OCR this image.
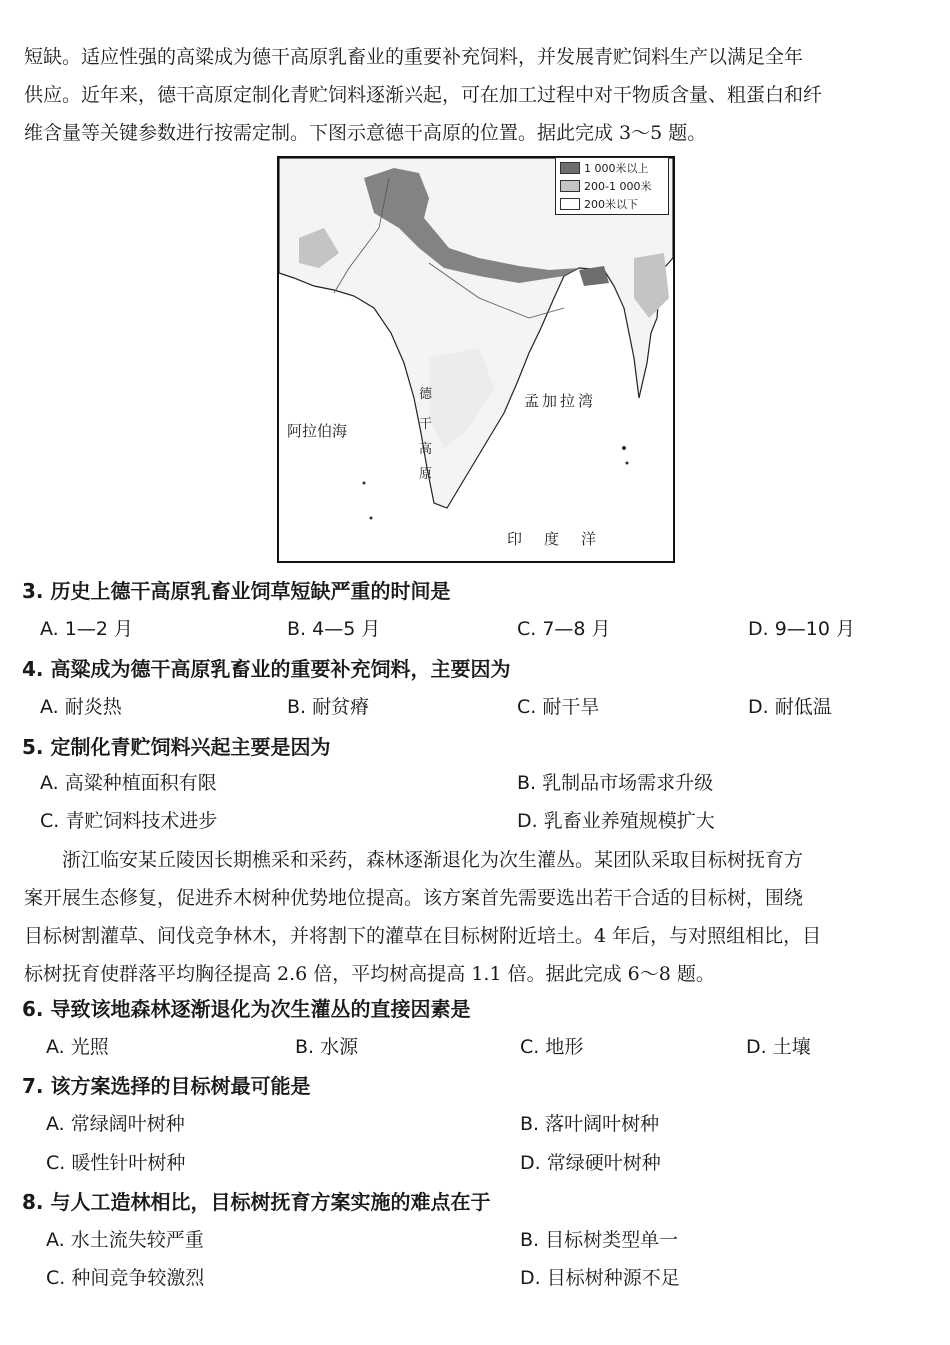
短缺。适应性强的高粱成为德干高原乳畜业的重要补充饲料，并发展青贮饲料生产以满足全年
供应。近年来，德干高原定制化青贮饲料逐渐兴起，可在加工过程中对干物质含量、粗蛋白和纤
维含量等关键参数进行按需定制。下图示意德干高原的位置。据此完成 3～5 题。
阿拉伯海
孟加拉湾
印度洋
德
干
高
原
1 000米以上
200-1 000米
200米以下
3. 历史上德干高原乳畜业饲草短缺严重的时间是
A. 1—2 月	B. 4—5 月	C. 7—8 月	D. 9—10 月
4. 高粱成为德干高原乳畜业的重要补充饲料，主要因为
A. 耐炎热	B. 耐贫瘠	C. 耐干旱	D. 耐低温
5. 定制化青贮饲料兴起主要是因为
A. 高粱种植面积有限	B. 乳制品市场需求升级
C. 青贮饲料技术进步	D. 乳畜业养殖规模扩大
浙江临安某丘陵因长期樵采和采药，森林逐渐退化为次生灌丛。某团队采取目标树抚育方
案开展生态修复，促进乔木树种优势地位提高。该方案首先需要选出若干合适的目标树，围绕
目标树割灌草、间伐竞争林木，并将割下的灌草在目标树附近培土。4 年后，与对照组相比，目
标树抚育使群落平均胸径提高 2.6 倍，平均树高提高 1.1 倍。据此完成 6～8 题。
6. 导致该地森林逐渐退化为次生灌丛的直接因素是
A. 光照	B. 水源	C. 地形	D. 土壤
7. 该方案选择的目标树最可能是
A. 常绿阔叶树种	B. 落叶阔叶树种
C. 暖性针叶树种	D. 常绿硬叶树种
8. 与人工造林相比，目标树抚育方案实施的难点在于
A. 水土流失较严重	B. 目标树类型单一
C. 种间竞争较激烈	D. 目标树种源不足
